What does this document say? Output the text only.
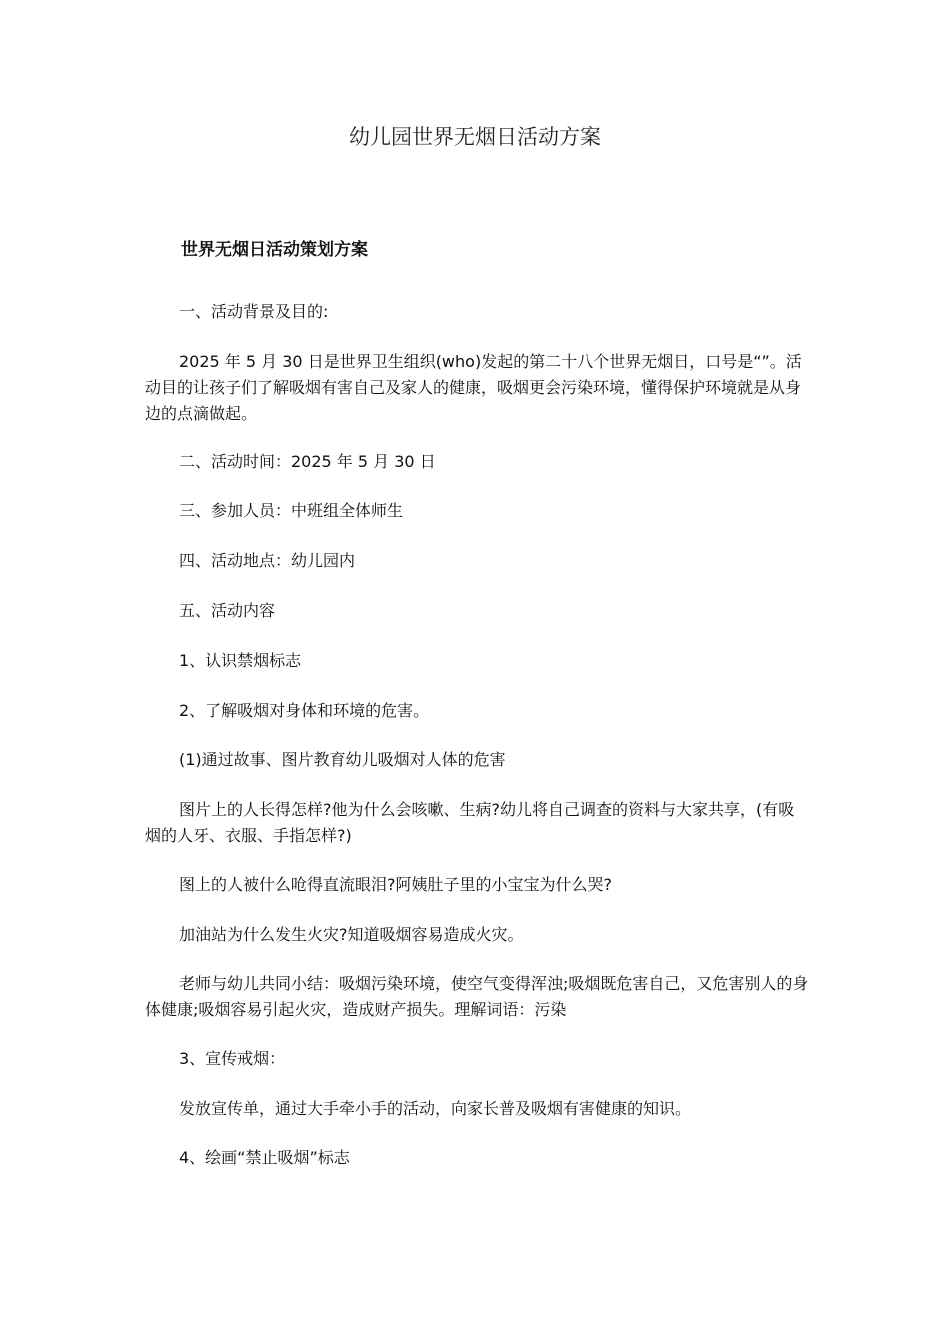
幼儿园世界无烟日活动方案
世界无烟日活动策划方案

一、活动背景及目的:

2025 年 5 月 30 日是世界卫生组织(who)发起的第二十八个世界无烟日，口号是“”。活动目的让孩子们了解吸烟有害自己及家人的健康，吸烟更会污染环境，懂得保护环境就是从身边的点滴做起。

二、活动时间：2025 年 5 月 30 日

三、参加人员：中班组全体师生

四、活动地点：幼儿园内

五、活动内容

1、认识禁烟标志

2、了解吸烟对身体和环境的危害。

(1)通过故事、图片教育幼儿吸烟对人体的危害

图片上的人长得怎样?他为什么会咳嗽、生病?幼儿将自己调查的资料与大家共享，(有吸烟的人牙、衣服、手指怎样?)

图上的人被什么呛得直流眼泪?阿姨肚子里的小宝宝为什么哭?

加油站为什么发生火灾?知道吸烟容易造成火灾。

老师与幼儿共同小结：吸烟污染环境，使空气变得浑浊;吸烟既危害自己，又危害别人的身体健康;吸烟容易引起火灾，造成财产损失。理解词语：污染

3、宣传戒烟：

发放宣传单，通过大手牵小手的活动，向家长普及吸烟有害健康的知识。

4、绘画“禁止吸烟”标志
